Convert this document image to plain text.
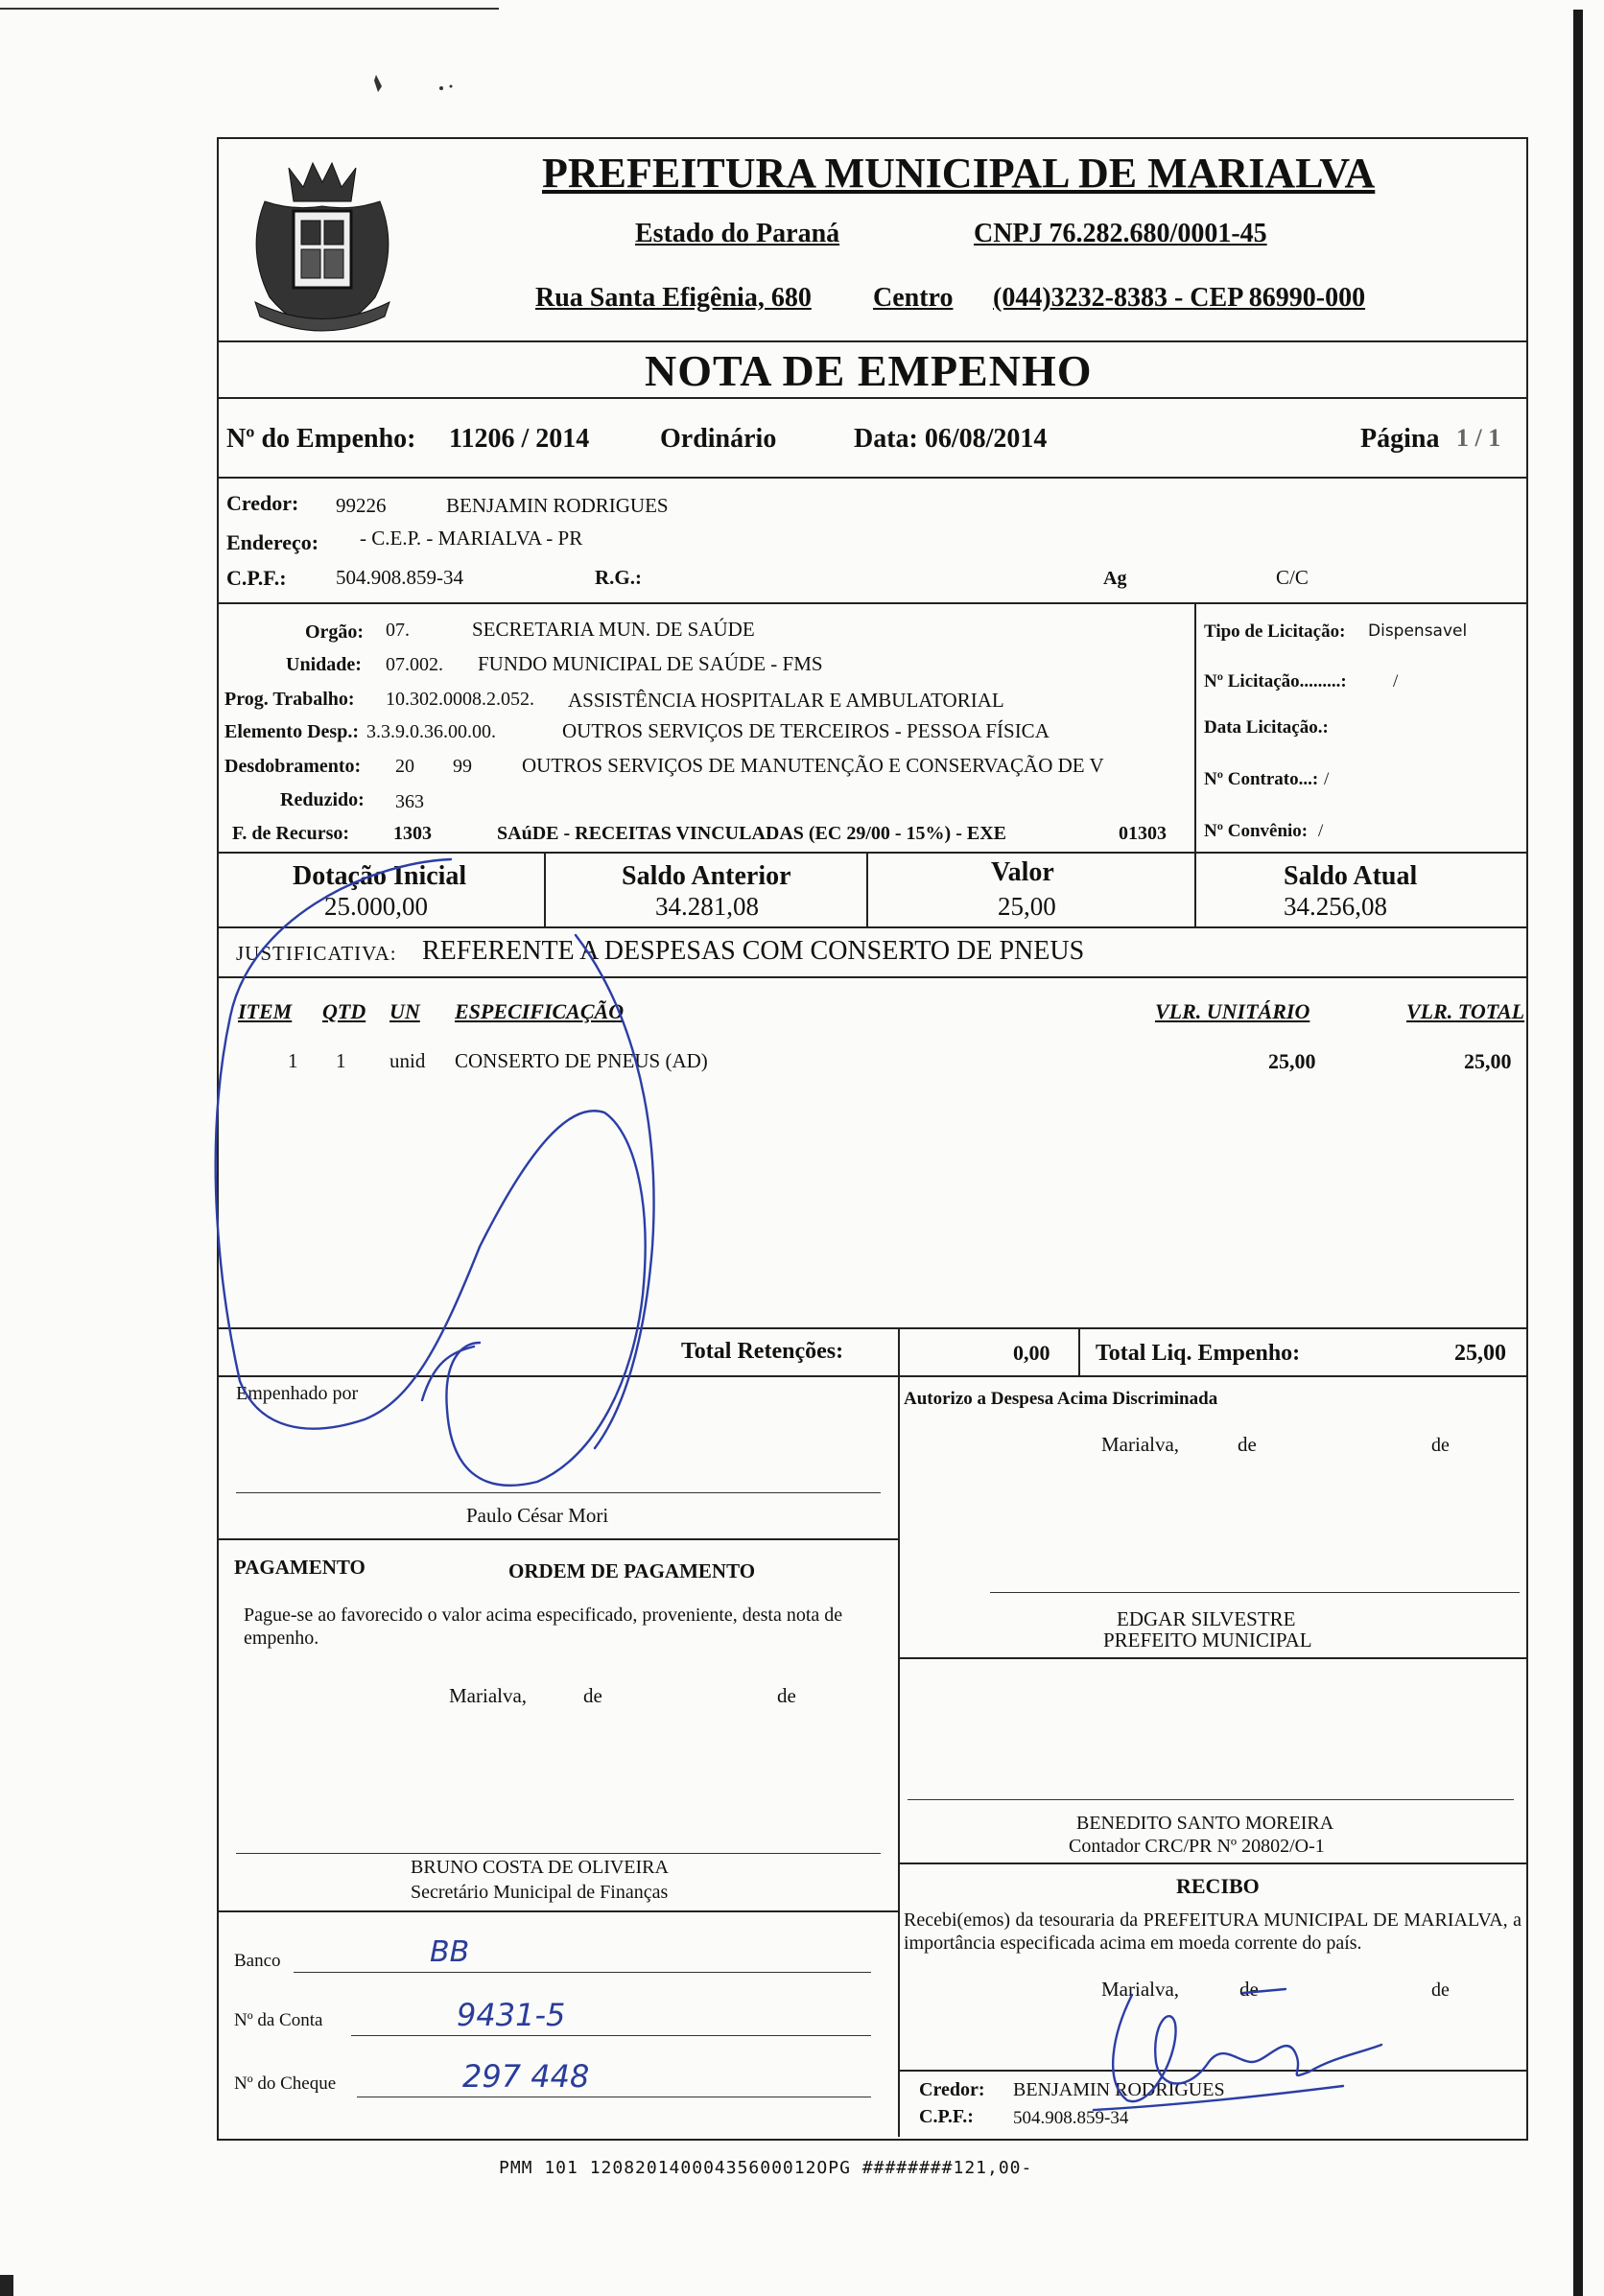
PREFEITURA MUNICIPAL DE MARIALVA
Estado do Paraná	CNPJ 76.282.680/0001-45
Rua Santa Efigênia, 680 Centro (044)3232-8383 - CEP 86990-000
NOTA DE EMPENHO
Nº do Empenho: 11206 / 2014	Ordinário	Data: 06/08/2014	Página 1 / 1
Credor: 99226	BENJAMIN RODRIGUES
Endereço: - C.E.P. - MARIALVA - PR
C.P.F.: 504.908.859-34	R.G.:	Ag	C/C
Orgão: 07.	SECRETARIA MUN. DE SAÚDE
Unidade: 07.002. FUNDO MUNICIPAL DE SAÚDE - FMS
Prog. Trabalho: 10.302.0008.2.052. ASSISTÊNCIA HOSPITALAR E AMBULATORIAL
Elemento Desp.: 3.3.9.0.36.00.00.	OUTROS SERVIÇOS DE TERCEIROS - PESSOA FÍSICA
Desdobramento: 20 99 OUTROS SERVIÇOS DE MANUTENÇÃO E CONSERVAÇÃO DE V
Reduzido: 363
F. de Recurso: 1303	SAúDE - RECEITAS VINCULADAS (EC 29/00 - 15%) - EXE	01303
Tipo de Licitação: Dispensavel
Nº Licitação.........:	/
Data Licitação.:
Nº Contrato...: /
Nº Convênio: /
Dotação Inicial
25.000,00
Saldo Anterior
34.281,08
Valor
25,00
Saldo Atual
34.256,08
JUSTIFICATIVA: REFERENTE A DESPESAS COM CONSERTO DE PNEUS
ITEM QTD UN ESPECIFICAÇÃO	VLR. UNITÁRIO	VLR. TOTAL
1 1 unid CONSERTO DE PNEUS (AD)	25,00	25,00
Total Retenções:	0,00 Total Liq. Empenho:	25,00
Empenhado por
Paulo César Mori
Autorizo a Despesa Acima Discriminada
Marialva,	de	de
EDGAR SILVESTRE
PREFEITO MUNICIPAL
PAGAMENTO	ORDEM DE PAGAMENTO
Pague-se ao favorecido o valor acima especificado, proveniente, desta nota de empenho.
Marialva,	de	de
BRUNO COSTA DE OLIVEIRA
Secretário Municipal de Finanças
BENEDITO SANTO MOREIRA
Contador CRC/PR Nº 20802/O-1
RECIBO
Recebi(emos) da tesouraria da PREFEITURA MUNICIPAL DE MARIALVA, a importância especificada acima em moeda corrente do país.
Marialva,	de	de
Credor: BENJAMIN RODRIGUES
C.P.F.: 504.908.859-34
Banco	BB
Nº da Conta	9431-5
Nº do Cheque	297 448
PMM 101 12082014000435600012OPG ########121,00-
